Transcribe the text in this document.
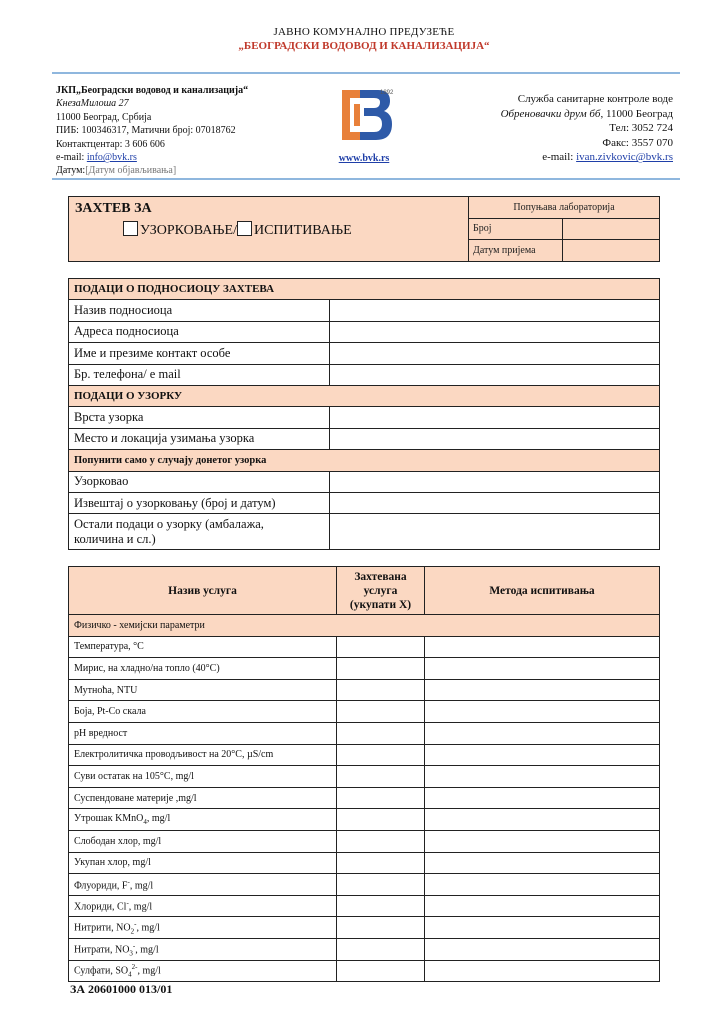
ЈАВНО КОМУНАЛНО ПРЕДУЗЕЋЕ
„БЕОГРАДСКИ ВОДОВОД И КАНАЛИЗАЦИЈА“
ЈКП„Београдски водовод и канализација“
КнезаМилоша 27
11000 Београд, Србија
ПИБ: 100346317, Матични број: 07018762
Контактцентар: 3 606 606
e-mail: info@bvk.rs
Датум:[Датум објављивања]
1892
www.bvk.rs
Служба санитарне контроле воде
Обреновачки друм бб, 11000 Београд
Тел: 3052 724
Факс: 3557 070
e-mail: ivan.zivkovic@bvk.rs
ЗАХТЕВ ЗА
УЗОРКОВАЊЕ/ ИСПИТИВАЊЕ	Попуњава лабораторија	
	Број	
	Датум пријема	
ПОДАЦИ О ПОДНОСИОЦУ ЗАХТЕВА	
Назив подносиоца	
Адреса подносиоца	
Име и презиме контакт особе	
Бр. телефона/ e mail	
ПОДАЦИ О УЗОРКУ	
Врста узорка	
Место и локација узимања узорка	
Попунити само у случају донетог узорка	
Узорковао	
Извештај о узорковању (број и датум)	
Остали подаци о узорку (амбалажа,
количина и сл.)	
Назив услуга	Захтевана
услуга
(укупати Х)	Метода испитивања
Физичко - хемијски параметри		
Температура, °C		
Мирис, на хладно/на топло (40°C)		
Мутноћа, NTU		
Боја, Pt-Co скала		
pH вредност		
Електролитичка проводљивост на 20°C, µS/cm		
Суви остатак на 105°C, mg/l		
Суспендоване материје ,mg/l		
Утрошак KMnO$_4$, mg/l		
Слободан хлор, mg/l		
Укупан хлор, mg/l		
Флуориди, F-, mg/l		
Хлориди, Cl-, mg/l		
Нитрити, $NO_2^-$, mg/l		
Нитрати, $NO_3^-$, mg/l		
Сулфати, $SO_4^{2-}$, mg/l		
ЗА 20601000 013/01
